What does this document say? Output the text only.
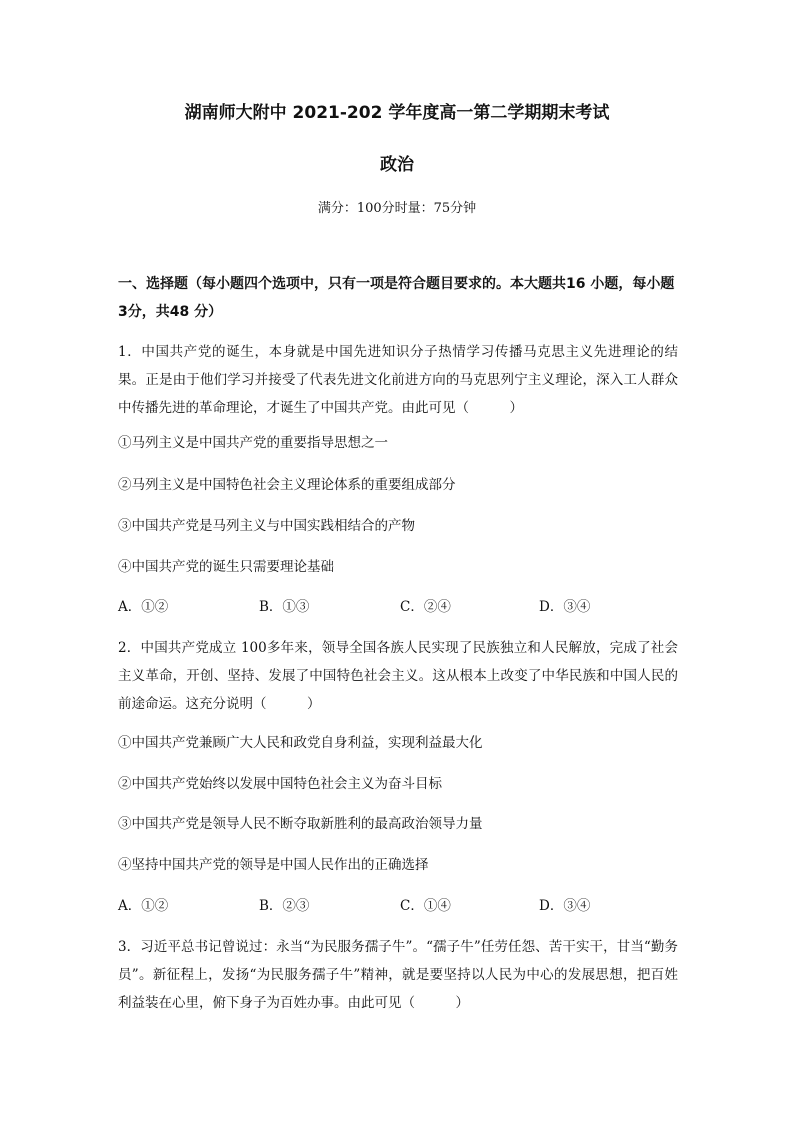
湖南师大附中 2021-202 学年度高一第二学期期末考试
政治
满分：100分时量：75分钟
一、选择题（每小题四个选项中，只有一项是符合题目要求的。本大题共16 小题，每小题3分，共48 分）
1．中国共产党的诞生，本身就是中国先进知识分子热情学习传播马克思主义先进理论的结果。正是由于他们学习并接受了代表先进文化前进方向的马克思列宁主义理论，深入工人群众中传播先进的革命理论，才诞生了中国共产党。由此可见（　　　）
①马列主义是中国共产党的重要指导思想之一
②马列主义是中国特色社会主义理论体系的重要组成部分
③中国共产党是马列主义与中国实践相结合的产物
④中国共产党的诞生只需要理论基础
A．①②	B．①③	C．②④	D．③④
2．中国共产党成立 100多年来，领导全国各族人民实现了民族独立和人民解放，完成了社会主义革命，开创、坚持、发展了中国特色社会主义。这从根本上改变了中华民族和中国人民的前途命运。这充分说明（　　　）
①中国共产党兼顾广大人民和政党自身利益，实现利益最大化
②中国共产党始终以发展中国特色社会主义为奋斗目标
③中国共产党是领导人民不断夺取新胜利的最高政治领导力量
④坚持中国共产党的领导是中国人民作出的正确选择
A．①②	B．②③	C．①④	D．③④
3．习近平总书记曾说过：永当“为民服务孺子牛”。“孺子牛”任劳任怨、苦干实干，甘当“勤务员”。新征程上，发扬“为民服务孺子牛”精神，就是要坚持以人民为中心的发展思想，把百姓利益装在心里，俯下身子为百姓办事。由此可见（　　　）
